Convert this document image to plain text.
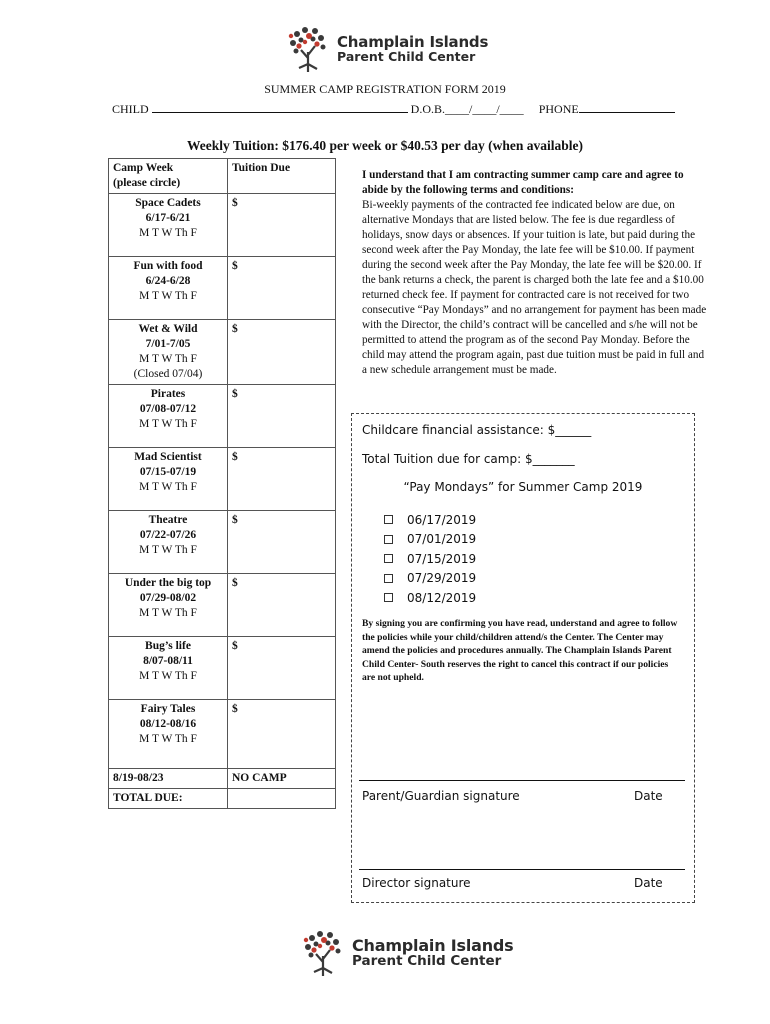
Champlain Islands
Parent Child Center
SUMMER CAMP REGISTRATION FORM 2019
CHILD	D.O.B.____/____/____ PHONE
Weekly Tuition: $176.40 per week or $40.53 per day (when available)
Camp Week
(please circle)	Tuition Due

Space Cadets
6/17-6/21
M T W Th F	$

Fun with food
6/24-6/28
M T W Th F	$

Wet & Wild
7/01-7/05
M T W Th F
(Closed 07/04)	$

Pirates
07/08-07/12
M T W Th F	$

Mad Scientist
07/15-07/19
M T W Th F	$

Theatre
07/22-07/26
M T W Th F	$

Under the big top
07/29-08/02
M T W Th F	$

Bug’s life
8/07-08/11
M T W Th F	$

Fairy Tales
08/12-08/16
M T W Th F	$
8/19-08/23	NO CAMP
TOTAL DUE:	
I understand that I am contracting summer camp care and agree to abide by the following terms and conditions:
Bi-weekly payments of the contracted fee indicated below are due, on alternative Mondays that are listed below. The fee is due regardless of holidays, snow days or absences. If your tuition is late, but paid during the second week after the Pay Monday, the late fee will be $10.00. If payment during the second week after the Pay Monday, the late fee will be $20.00. If the bank returns a check, the parent is charged both the late fee and a $10.00 returned check fee. If payment for contracted care is not received for two consecutive “Pay Mondays” and no arrangement for payment has been made with the Director, the child’s contract will be cancelled and s/he will not be permitted to attend the program as of the second Pay Monday. Before the child may attend the program again, past due tuition must be paid in full and a new schedule arrangement must be made.
Childcare financial assistance: $______
Total Tuition due for camp: $_______
“Pay Mondays” for Summer Camp 2019
06/17/2019
07/01/2019
07/15/2019
07/29/2019
08/12/2019
By signing you are confirming you have read, understand and agree to follow the policies while your child/children attend/s the Center. The Center may amend the policies and procedures annually. The Champlain Islands Parent Child Center- South reserves the right to cancel this contract if our policies are not upheld.
Parent/Guardian signature	Date
Director signature	Date
Champlain Islands
Parent Child Center
